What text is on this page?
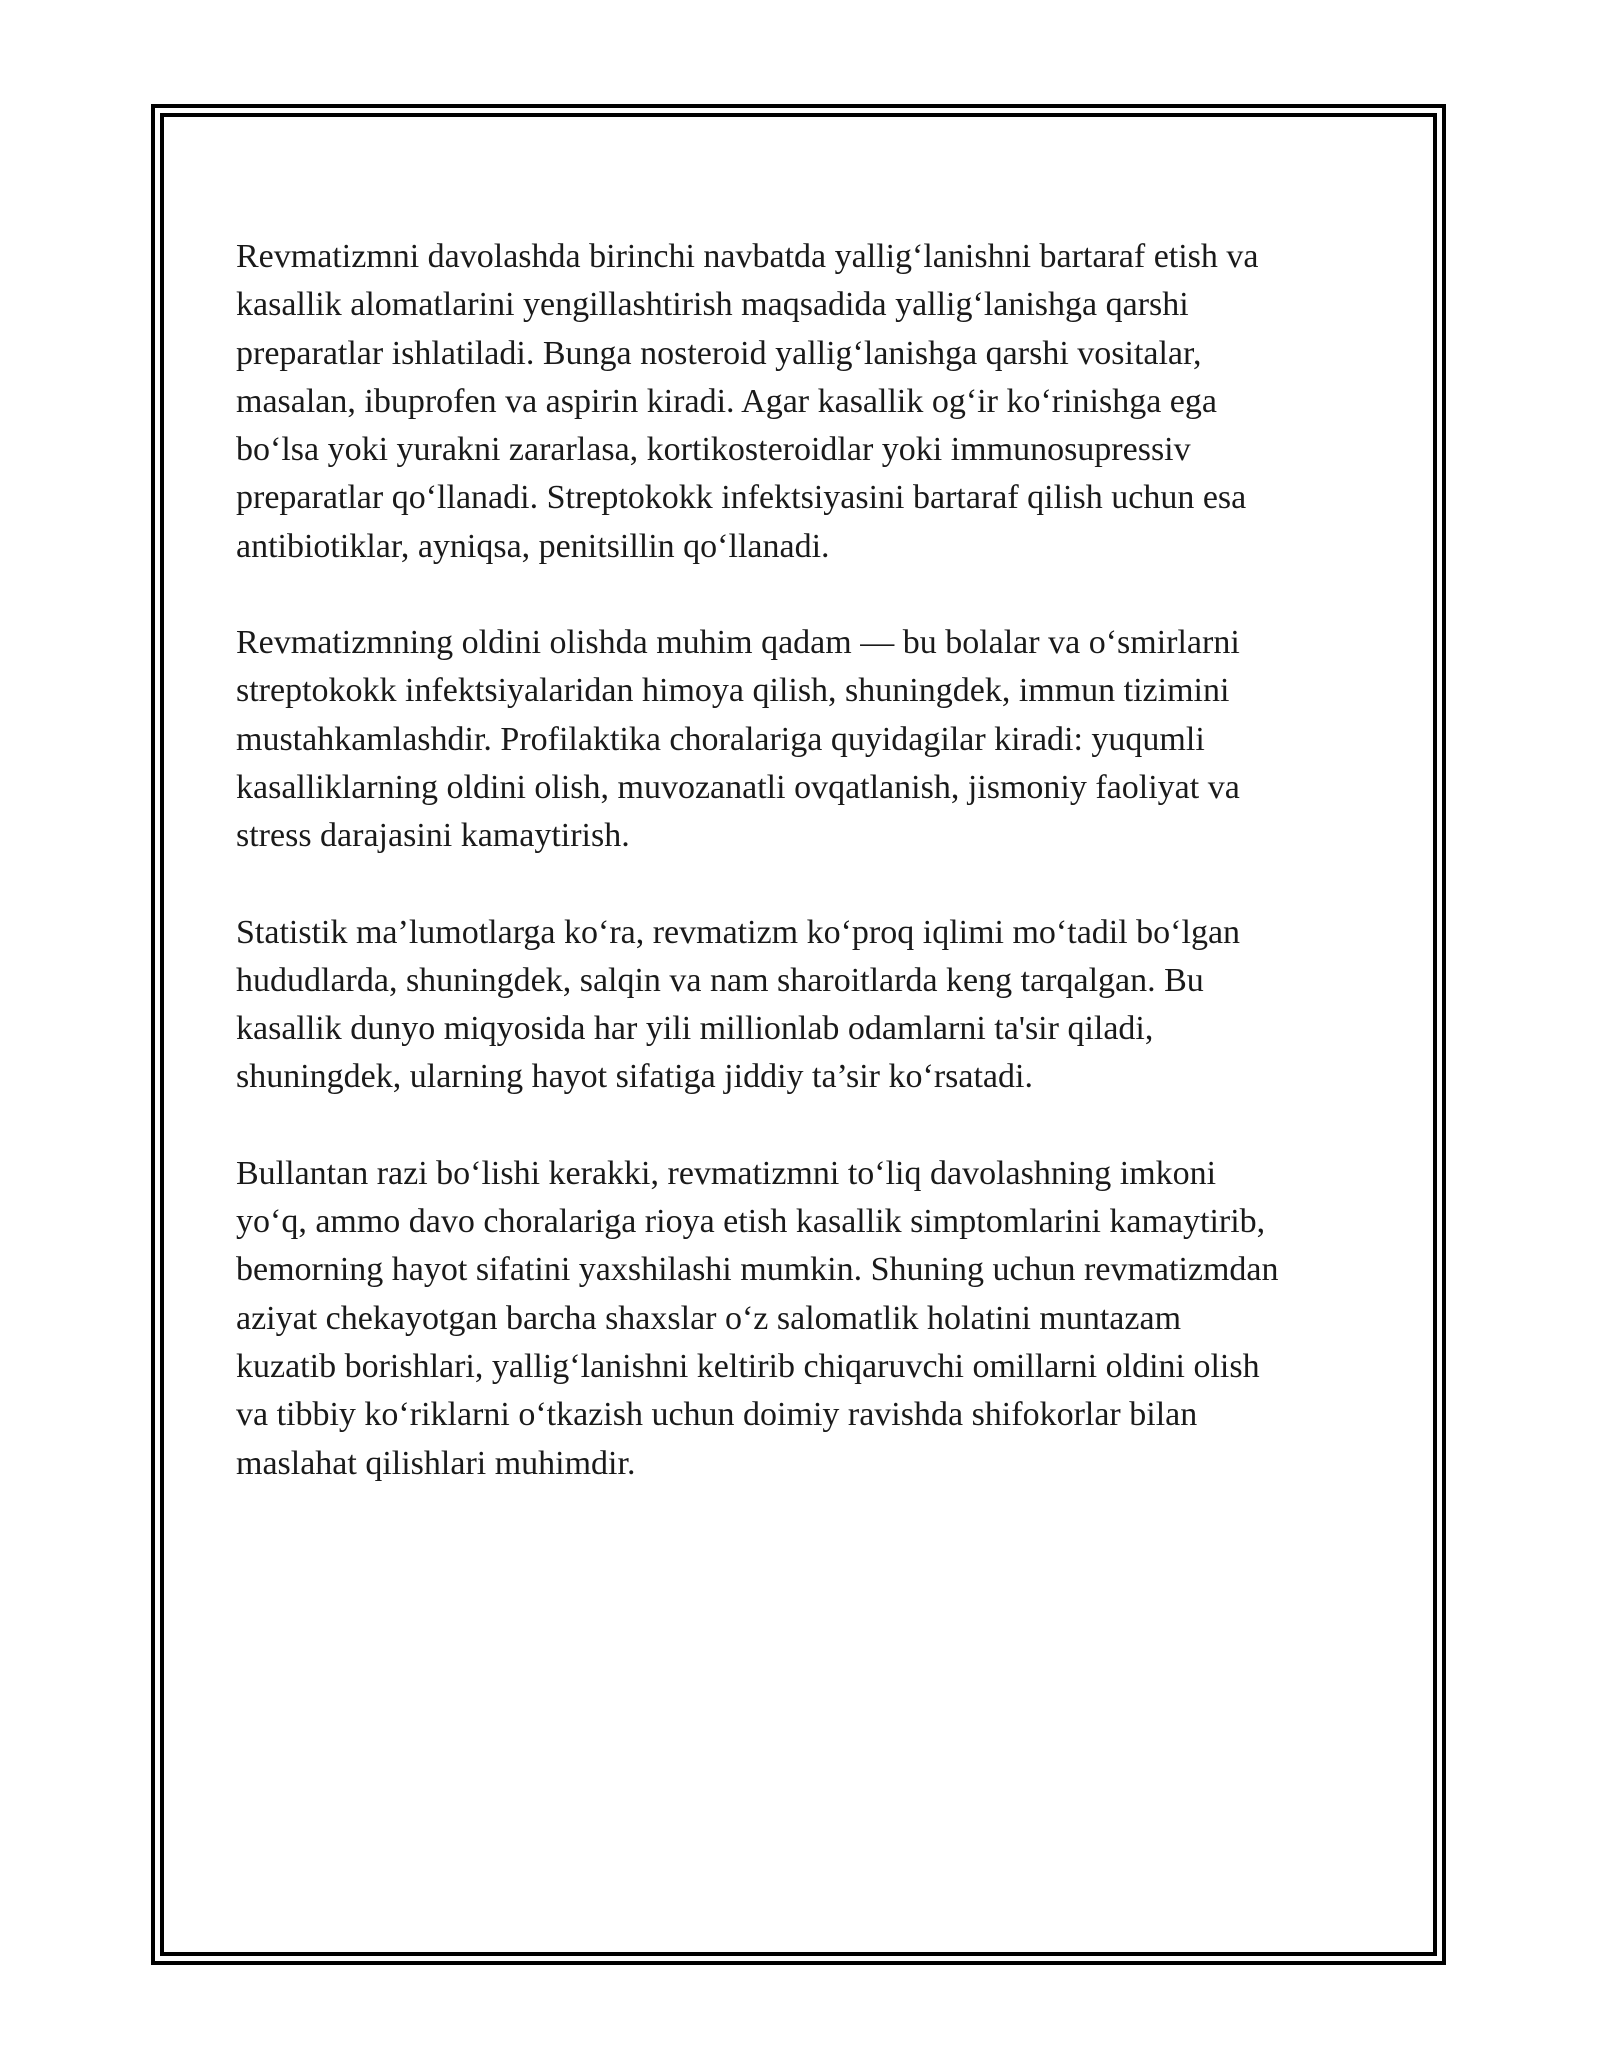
Revmatizmni davolashda birinchi navbatda yallig‘lanishni bartaraf etish va
kasallik alomatlarini yengillashtirish maqsadida yallig‘lanishga qarshi
preparatlar ishlatiladi. Bunga nosteroid yallig‘lanishga qarshi vositalar,
masalan, ibuprofen va aspirin kiradi. Agar kasallik og‘ir ko‘rinishga ega
bo‘lsa yoki yurakni zararlasa, kortikosteroidlar yoki immunosupressiv
preparatlar qo‘llanadi. Streptokokk infektsiyasini bartaraf qilish uchun esa
antibiotiklar, ayniqsa, penitsillin qo‘llanadi.

Revmatizmning oldini olishda muhim qadam — bu bolalar va o‘smirlarni
streptokokk infektsiyalaridan himoya qilish, shuningdek, immun tizimini
mustahkamlashdir. Profilaktika choralariga quyidagilar kiradi: yuqumli
kasalliklarning oldini olish, muvozanatli ovqatlanish, jismoniy faoliyat va
stress darajasini kamaytirish.

Statistik ma’lumotlarga ko‘ra, revmatizm ko‘proq iqlimi mo‘tadil bo‘lgan
hududlarda, shuningdek, salqin va nam sharoitlarda keng tarqalgan. Bu
kasallik dunyo miqyosida har yili millionlab odamlarni ta'sir qiladi,
shuningdek, ularning hayot sifatiga jiddiy ta’sir ko‘rsatadi.

Bullantan razi bo‘lishi kerakki, revmatizmni to‘liq davolashning imkoni
yo‘q, ammo davo choralariga rioya etish kasallik simptomlarini kamaytirib,
bemorning hayot sifatini yaxshilashi mumkin. Shuning uchun revmatizmdan
aziyat chekayotgan barcha shaxslar o‘z salomatlik holatini muntazam
kuzatib borishlari, yallig‘lanishni keltirib chiqaruvchi omillarni oldini olish
va tibbiy ko‘riklarni o‘tkazish uchun doimiy ravishda shifokorlar bilan
maslahat qilishlari muhimdir.
